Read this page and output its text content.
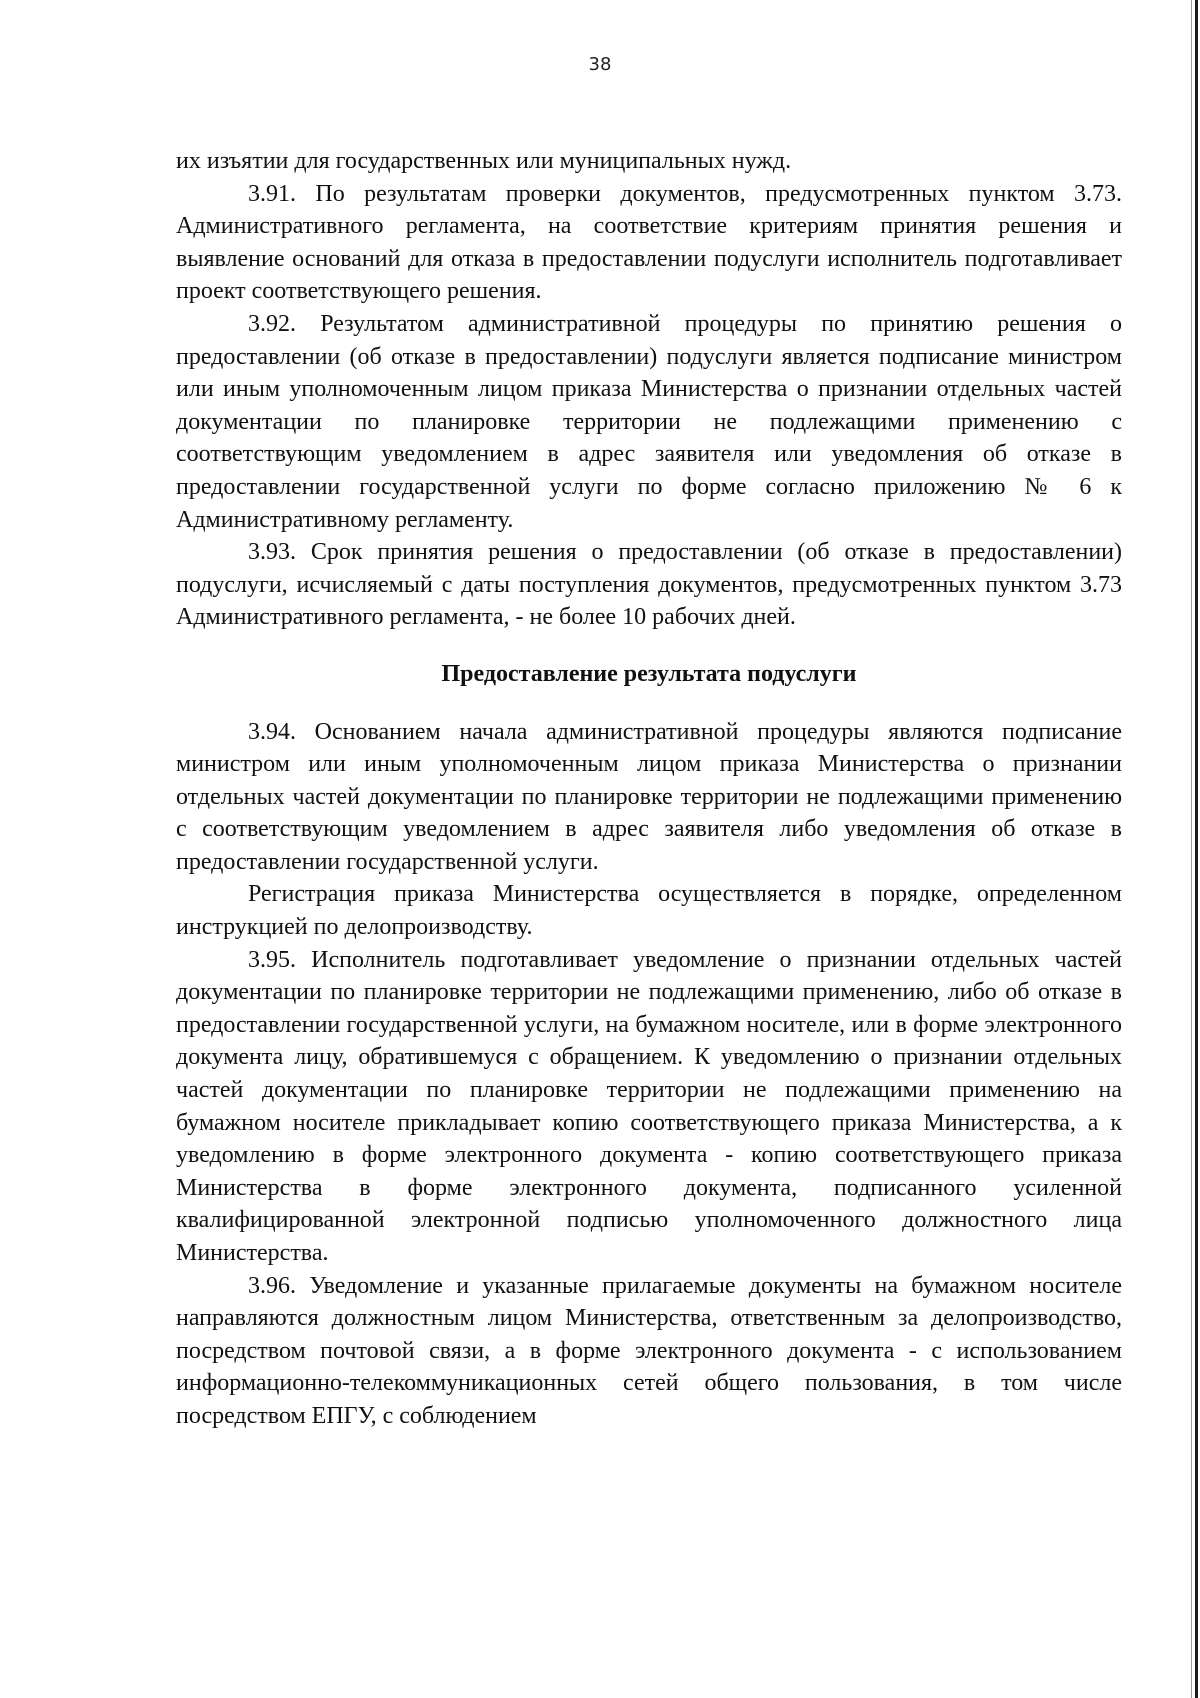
38

их изъятии для государственных или муниципальных нужд.

3.91. По результатам проверки документов, предусмотренных пунктом 3.73. Административного регламента, на соответствие критериям принятия решения и выявление оснований для отказа в предоставлении подуслуги исполнитель подготавливает проект соответствующего решения.

3.92. Результатом административной процедуры по принятию решения о предоставлении (об отказе в предоставлении) подуслуги является подписание министром или иным уполномоченным лицом приказа Министерства о признании отдельных частей документации по планировке территории не подлежащими применению с соответствующим уведомлением в адрес заявителя или уведомления об отказе в предоставлении государственной услуги по форме согласно приложению № 6 к Административному регламенту.

3.93. Срок принятия решения о предоставлении (об отказе в предоставлении) подуслуги, исчисляемый с даты поступления документов, предусмотренных пунктом 3.73 Административного регламента, - не более 10 рабочих дней.

Предоставление результата подуслуги

3.94. Основанием начала административной процедуры являются подписание министром или иным уполномоченным лицом приказа Министерства о признании отдельных частей документации по планировке территории не подлежащими применению с соответствующим уведомлением в адрес заявителя либо уведомления об отказе в предоставлении государственной услуги.

Регистрация приказа Министерства осуществляется в порядке, определенном инструкцией по делопроизводству.

3.95. Исполнитель подготавливает уведомление о признании отдельных частей документации по планировке территории не подлежащими применению, либо об отказе в предоставлении государственной услуги, на бумажном носителе, или в форме электронного документа лицу, обратившемуся с обращением. К уведомлению о признании отдельных частей документации по планировке территории не подлежащими применению на бумажном носителе прикладывает копию соответствующего приказа Министерства, а к уведомлению в форме электронного документа - копию соответствующего приказа Министерства в форме электронного документа, подписанного усиленной квалифицированной электронной подписью уполномоченного должностного лица Министерства.

3.96. Уведомление и указанные прилагаемые документы на бумажном носителе направляются должностным лицом Министерства, ответственным за делопроизводство, посредством почтовой связи, а в форме электронного документа - с использованием информационно-телекоммуникационных сетей общего пользования, в том числе посредством ЕПГУ, с соблюдением
